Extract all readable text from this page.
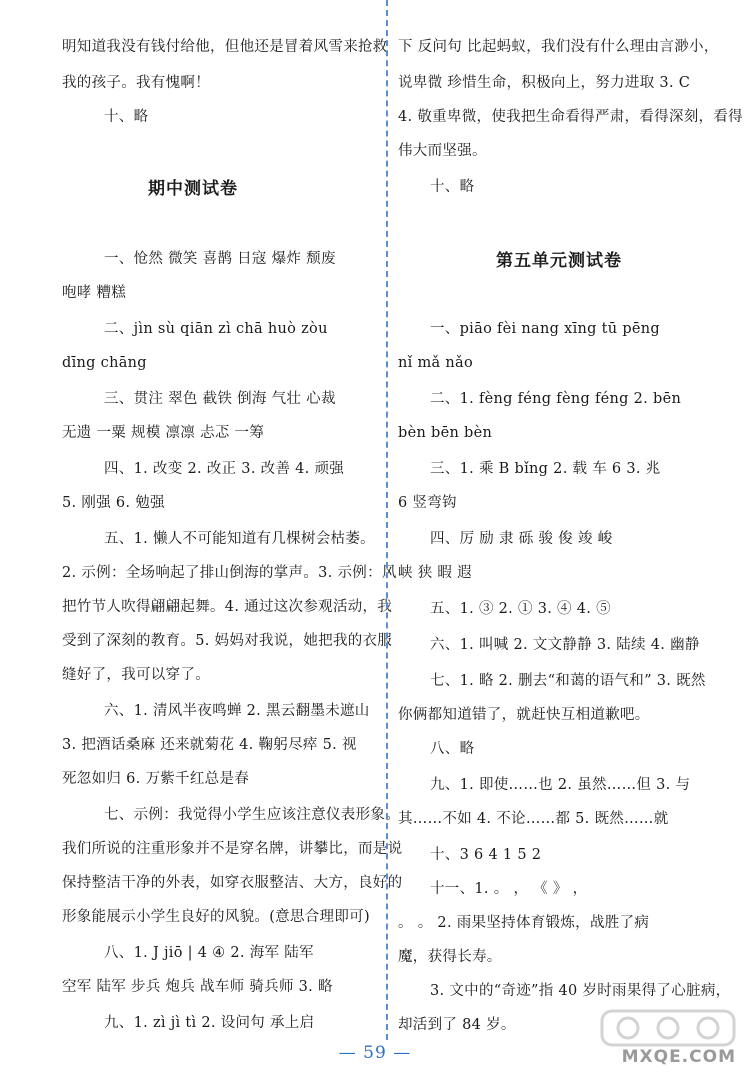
明知道我没有钱付给他，但他还是冒着风雪来抢救
我的孩子。我有愧啊！
十、略
期中测试卷
一、怆然 微笑 喜鹊 日寇 爆炸 颓废
咆哮 糟糕
二、jìn sù qiān zì chā huò zòu
dīng chāng
三、贯注 翠色 截铁 倒海 气壮 心裁
无遗 一粟 规模 凛凛 忐忑 一筹
四、1. 改变 2. 改正 3. 改善 4. 顽强
5. 刚强 6. 勉强
五、1. 懒人不可能知道有几棵树会枯萎。
2. 示例：全场响起了排山倒海的掌声。3. 示例：风
把竹节人吹得翩翩起舞。4. 通过这次参观活动，我
受到了深刻的教育。5. 妈妈对我说，她把我的衣服
缝好了，我可以穿了。
六、1. 清风半夜鸣蝉 2. 黑云翻墨未遮山
3. 把酒话桑麻 还来就菊花 4. 鞠躬尽瘁 5. 视
死忽如归 6. 万紫千红总是春
七、示例：我觉得小学生应该注意仪表形象。
我们所说的注重形象并不是穿名牌，讲攀比，而是说
保持整洁干净的外表，如穿衣服整洁、大方，良好的
形象能展示小学生良好的风貌。(意思合理即可)
八、1. J jiō | 4 ④ 2. 海军 陆军
空军 陆军 步兵 炮兵 战车师 骑兵师 3. 略
九、1. zì jì tì 2. 设问句 承上启
下 反问句 比起蚂蚁，我们没有什么理由言渺小，
说卑微 珍惜生命，积极向上，努力进取 3. C
4. 敬重卑微，使我把生命看得严肃，看得深刻，看得
伟大而坚强。
十、略
第五单元测试卷
一、piāo fèi nang xīng tū pēng
nǐ mǎ nǎo
二、1. fèng féng fèng féng 2. bēn
bèn bēn bèn
三、1. 乘 B bǐng 2. 载 车 6 3. 兆
6 竖弯钩
四、厉 励 隶 砾 骏 俊 竣 峻
峡 狭 暇 遐
五、1. ③ 2. ① 3. ④ 4. ⑤
六、1. 叫喊 2. 文文静静 3. 陆续 4. 幽静
七、1. 略 2. 删去“和蔼的语气和” 3. 既然
你俩都知道错了，就赶快互相道歉吧。
八、略
九、1. 即使……也 2. 虽然……但 3. 与
其……不如 4. 不论……都 5. 既然……就
十、3 6 4 1 5 2
十一、1. 。 ， 《 》 ，
。 。 2. 雨果坚持体育锻炼，战胜了病
魔，获得长寿。
3. 文中的“奇迹”指 40 岁时雨果得了心脏病，
却活到了 84 岁。
— 59 —	MXQE.COM
